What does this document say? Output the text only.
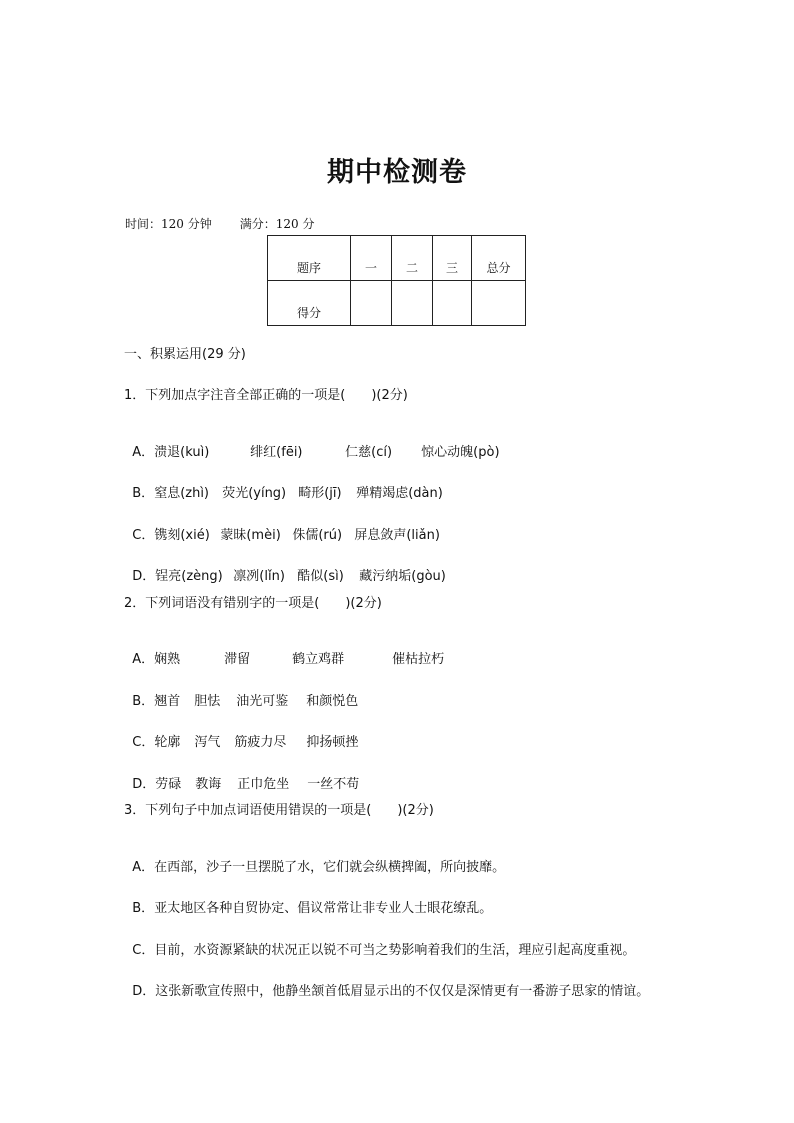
期中检测卷
时间：120 分钟 满分：120 分
题序	一	二	三	总分
得分				
一、积累运用(29 分)
1．下列加点字注音全部正确的一项是(　　)(2分)

A．溃退(kuì)	绯红(fēi)	仁慈(cí) 惊心动魄(pò)

B．窒息(zhì) 荧光(yíng) 畸形(jī) 殚精竭虑(dàn)

C．镌刻(xié) 蒙昧(mèi) 侏儒(rú) 屏息敛声(liǎn)

D．锃亮(zèng) 凛冽(lǐn) 酷似(sì) 藏污纳垢(gòu)

2．下列词语没有错别字的一项是(　　)(2分)

A．娴熟	滞留	鹤立鸡群	催枯拉朽

B．翘首 胆怯 油光可鉴 和颜悦色

C．轮廓 泻气 筋疲力尽 抑扬顿挫

D．劳碌 教诲 正巾危坐 一丝不苟

3．下列句子中加点词语使用错误的一项是(　　)(2分)

A．在西部，沙子一旦摆脱了水，它们就会纵横捭阖，所向披靡。

B．亚太地区各种自贸协定、倡议常常让非专业人士眼花缭乱。

C．目前，水资源紧缺的状况正以锐不可当之势影响着我们的生活，理应引起高度重视。

D．这张新歌宣传照中，他静坐颔首低眉显示出的不仅仅是深情更有一番游子思家的情谊。
